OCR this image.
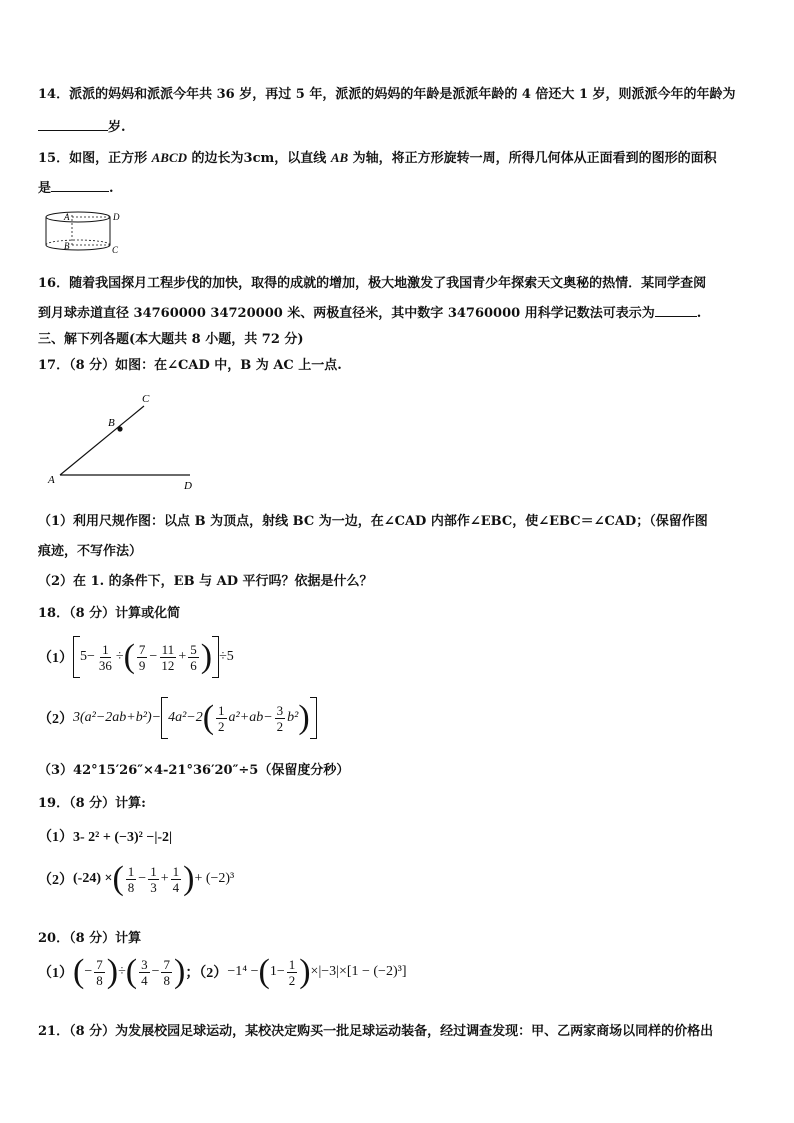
14．派派的妈妈和派派今年共 36 岁，再过 5 年，派派的妈妈的年龄是派派年龄的 4 倍还大 1 岁，则派派今年的年龄为
岁.
15．如图，正方形 ABCD 的边长为3cm，以直线 AB 为轴，将正方形旋转一周，所得几何体从正面看到的图形的面积
是	.
A	D
B	C
16．随着我国探月工程步伐的加快，取得的成就的增加，极大地激发了我国青少年探索天文奥秘的热情．某同学查阅
到月球赤道直径 34760000 34720000 米、两极直径米，其中数字 34760000 用科学记数法可表示为	.
三、解下列各题(本大题共 8 小题，共 72 分)
17．（8 分）如图：在∠CAD 中，B 为 AC 上一点.
A
B
C
D
（1）利用尺规作图：以点 B 为顶点，射线 BC 为一边，在∠CAD 内部作∠EBC，使∠EBC＝∠CAD；（保留作图
痕迹，不写作法）
（2）在 1. 的条件下，EB 与 AD 平行吗？依据是什么？
18．（8 分）计算或化简
（1） $5- \frac{1}{36}$ ÷ ( $\frac{7}{9} - \frac{11}{12} + \frac{5}{6}$ ) ÷5
（2） 3(a²−2ab+b²)− 4a²−2 ( $\frac{1}{2} a^2+ab- \frac{3}{2} b^2$ )
（3）42°15′26″×4-21°36′20″÷5（保留度分秒）
19．（8 分）计算:
（1）3- 2² + (−3)² −|-2|
（2） (-24) × ( $\frac{1}{8} - \frac{1}{3} + \frac{1}{4}$ ) + (−2)³
20．（8 分）计算
（1） ( − $\frac{7}{8}$ ) ÷ ( $\frac{3}{4} - \frac{7}{8}$ ) ；（2） −1⁴ − ( $1- \frac{1}{2}$ ) ×|−3|×[1 − (−2)³]
21．（8 分）为发展校园足球运动，某校决定购买一批足球运动装备，经过调查发现：甲、乙两家商场以同样的价格出
